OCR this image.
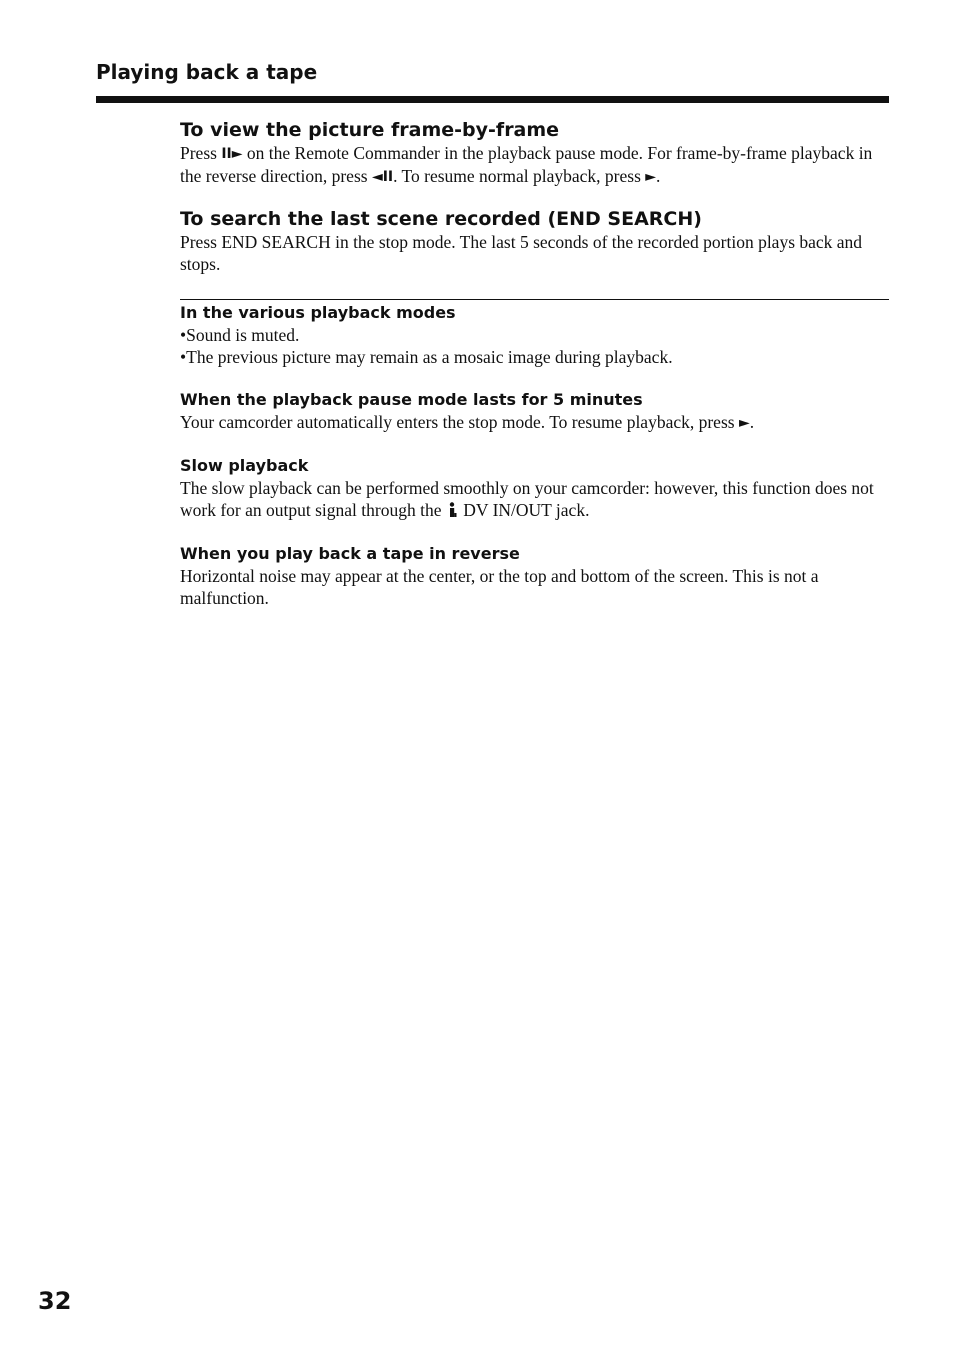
Playing back a tape
To view the picture frame-by-frame

Press II► on the Remote Commander in the playback pause mode. For frame-by-frame playback in the reverse direction, press ◄II. To resume normal playback, press ►.

To search the last scene recorded (END SEARCH)

Press END SEARCH in the stop mode. The last 5 seconds of the recorded portion plays back and stops.

In the various playback modes
•Sound is muted.
•The previous picture may remain as a mosaic image during playback.
When the playback pause mode lasts for 5 minutes

Your camcorder automatically enters the stop mode. To resume playback, press ►.

Slow playback

The slow playback can be performed smoothly on your camcorder: however, this function does not work for an output signal through the  DV IN/OUT jack.

When you play back a tape in reverse

Horizontal noise may appear at the center, or the top and bottom of the screen. This is not a malfunction.

32
